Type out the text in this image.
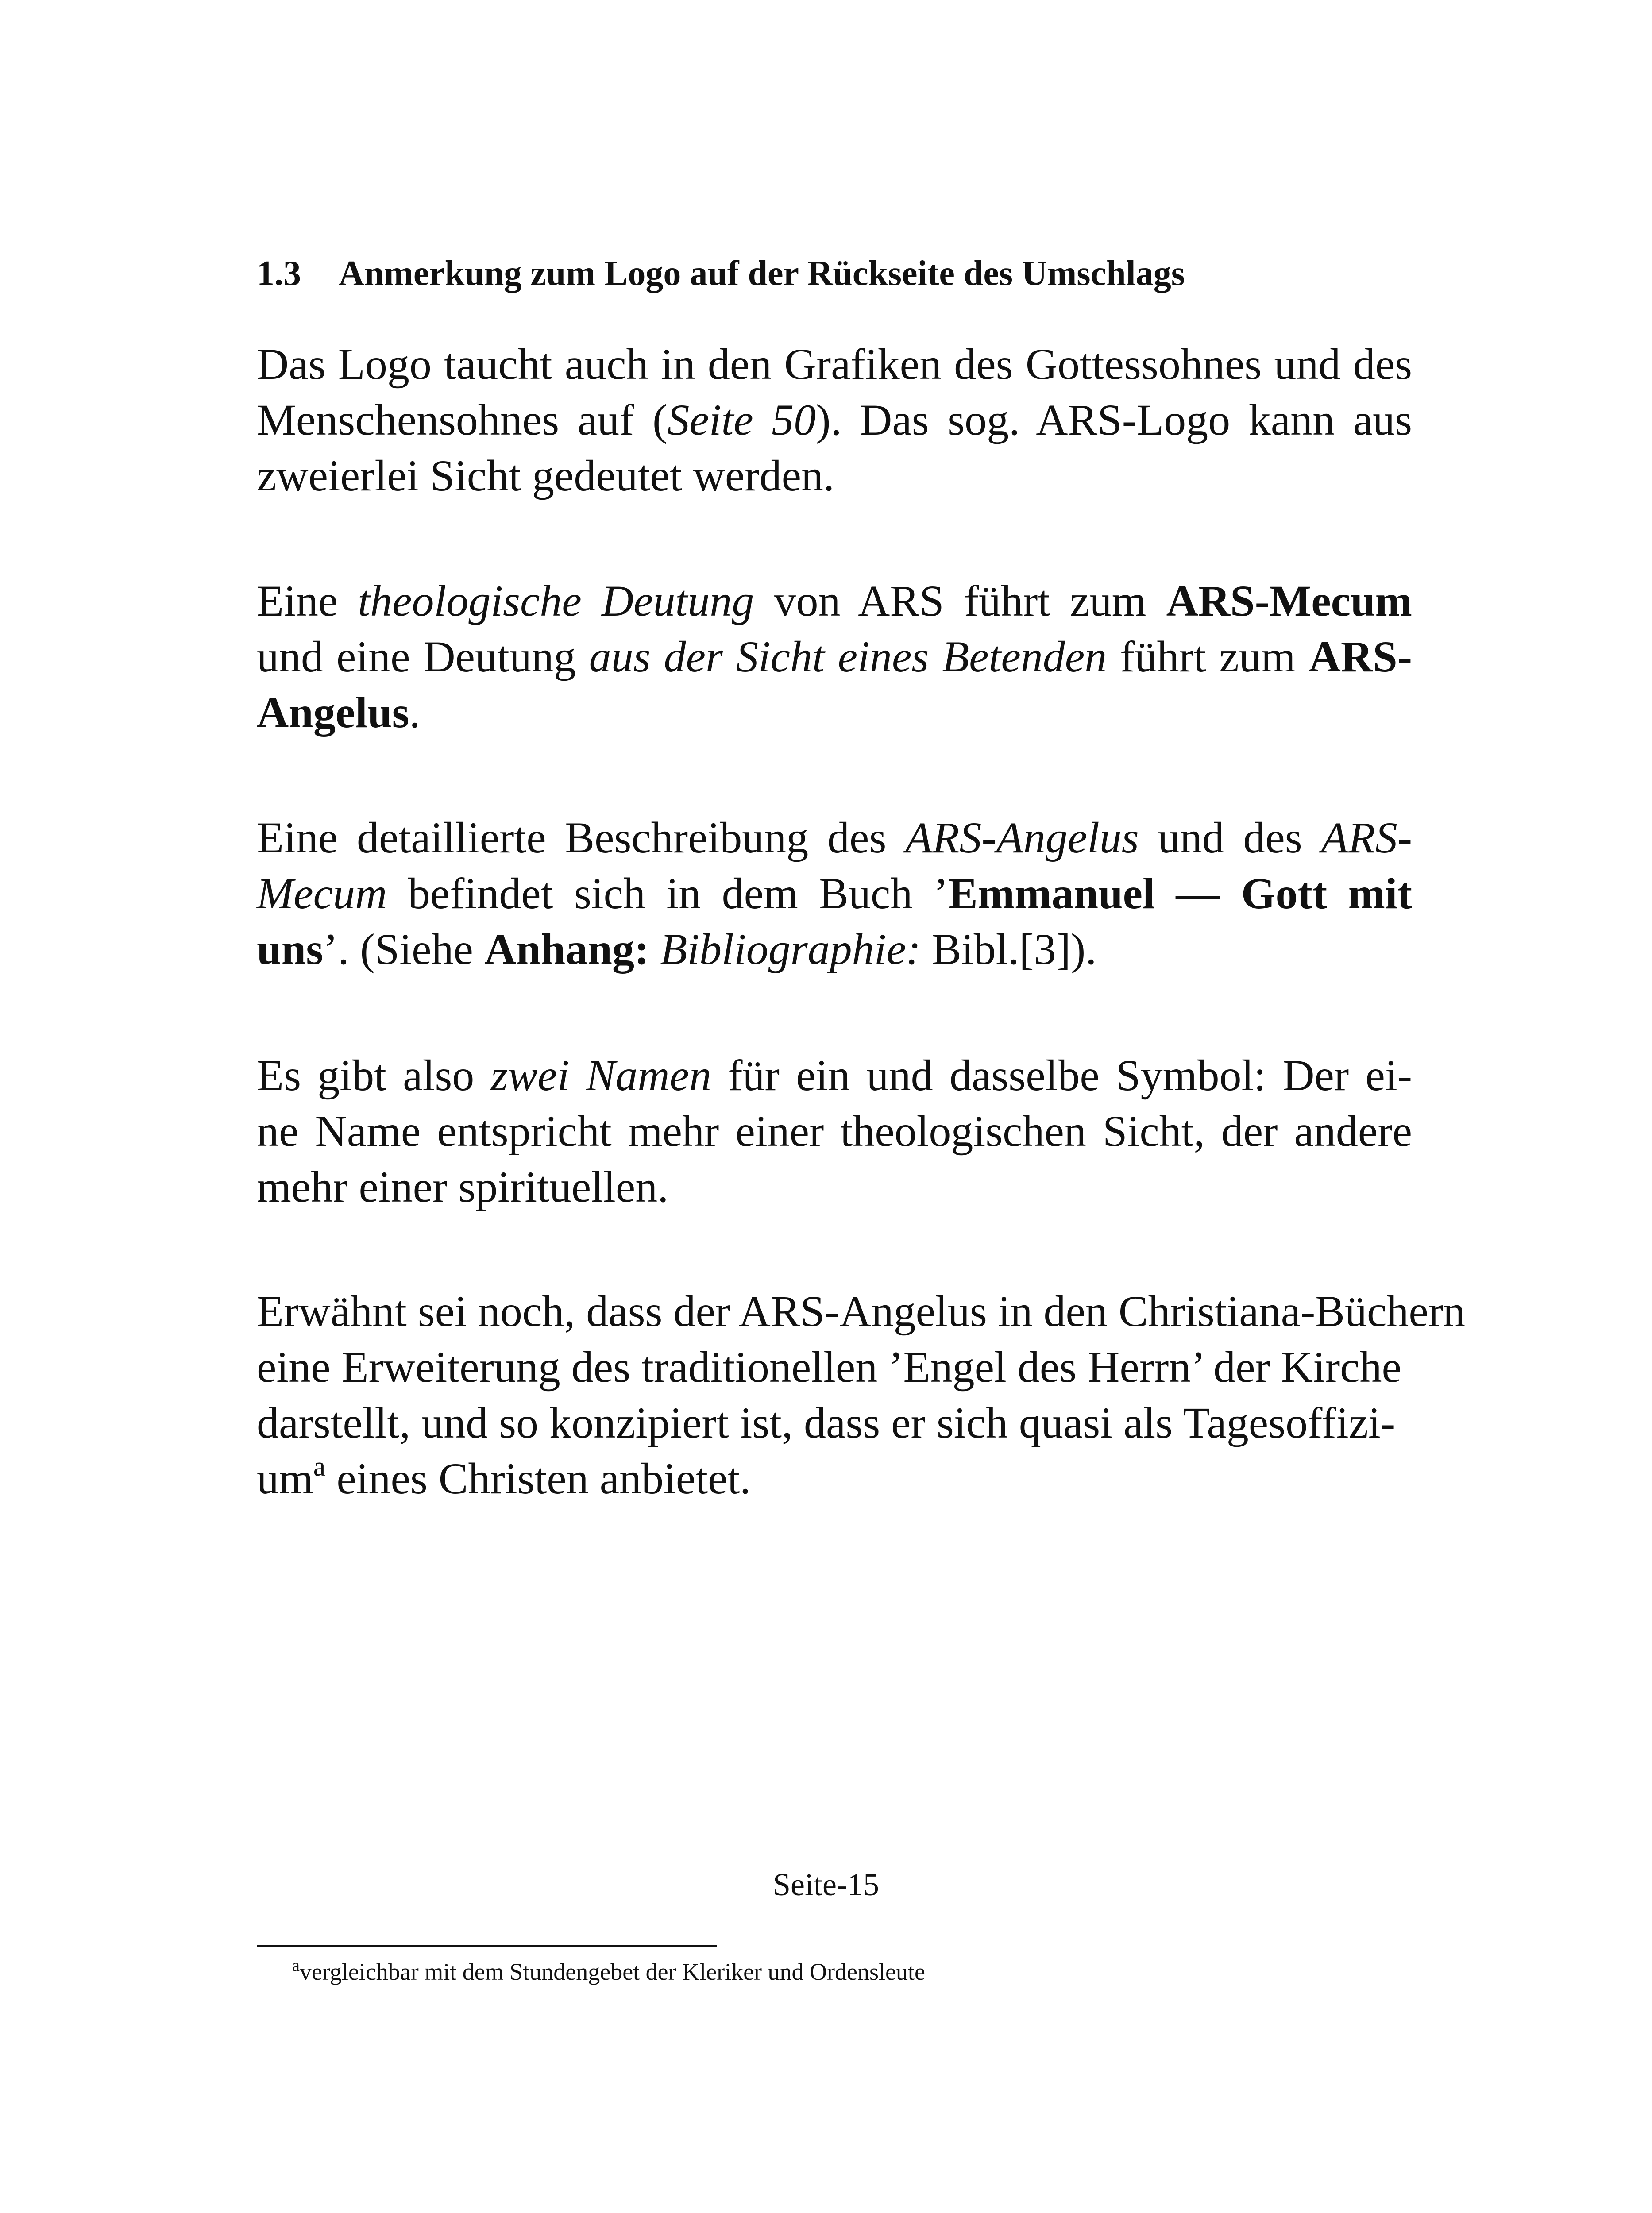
1.3 Anmerkung zum Logo auf der Rückseite des Umschlags
Das Logo taucht auch in den Grafiken des Gottessohnes und des
Menschensohnes auf (Seite 50). Das sog. ARS-Logo kann aus
zweierlei Sicht gedeutet werden.
Eine theologische Deutung von ARS führt zum ARS-Mecum
und eine Deutung aus der Sicht eines Betenden führt zum ARS-
Angelus.
Eine detaillierte Beschreibung des ARS-Angelus und des ARS-
Mecum befindet sich in dem Buch ’Emmanuel — Gott mit
uns’. (Siehe Anhang: Bibliographie: Bibl.[3]).
Es gibt also zwei Namen für ein und dasselbe Symbol: Der ei-
ne Name entspricht mehr einer theologischen Sicht, der andere
mehr einer spirituellen.
Erwähnt sei noch, dass der ARS-Angelus in den Christiana-Büchern
eine Erweiterung des traditionellen ’Engel des Herrn’ der Kirche
darstellt, und so konzipiert ist, dass er sich quasi als Tagesoffizi-
um$^a$ eines Christen anbietet.
Seite-15
$^a$vergleichbar mit dem Stundengebet der Kleriker und Ordensleute
